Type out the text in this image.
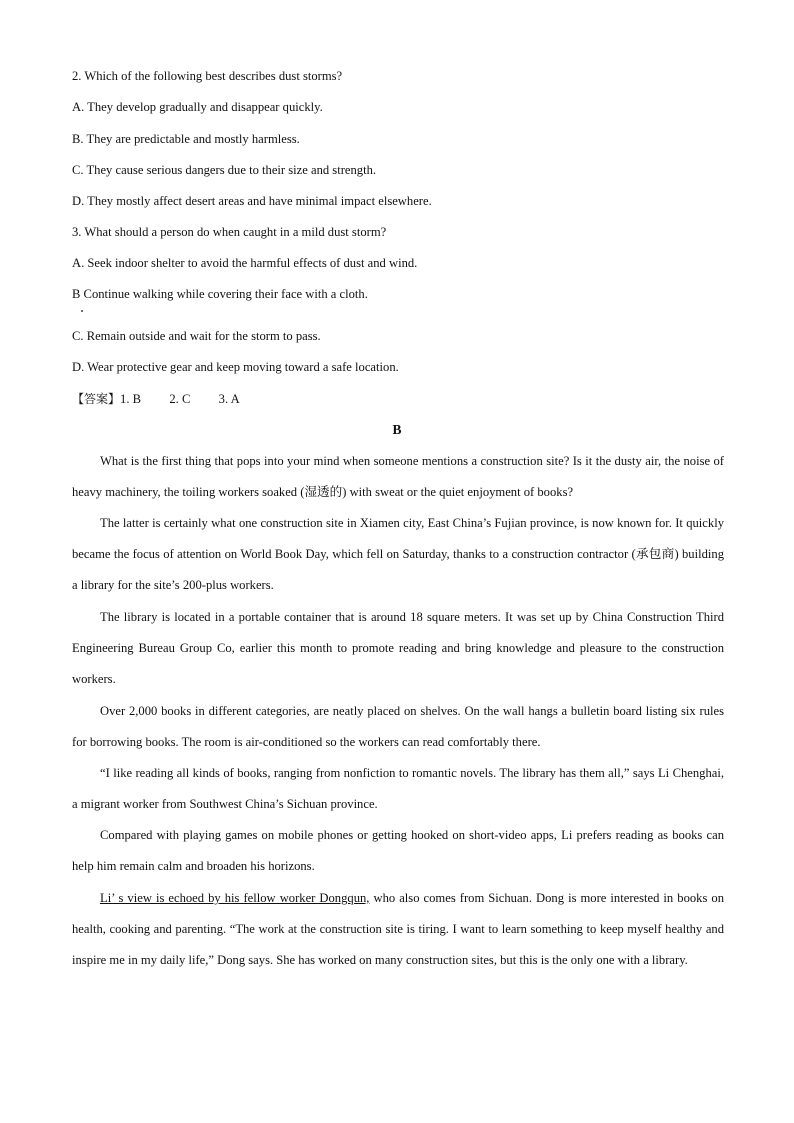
2. Which of the following best describes dust storms?
A. They develop gradually and disappear quickly.
B. They are predictable and mostly harmless.
C. They cause serious dangers due to their size and strength.
D. They mostly affect desert areas and have minimal impact elsewhere.
3. What should a person do when caught in a mild dust storm?
A. Seek indoor shelter to avoid the harmful effects of dust and wind.
B Continue walking while covering their face with a cloth.
C. Remain outside and wait for the storm to pass.
D. Wear protective gear and keep moving toward a safe location.
【答案】1. B         2. C         3. A
B
What is the first thing that pops into your mind when someone mentions a construction site? Is it the dusty air, the noise of heavy machinery, the toiling workers soaked (湿透的) with sweat or the quiet enjoyment of books?
The latter is certainly what one construction site in Xiamen city, East China’s Fujian province, is now known for. It quickly became the focus of attention on World Book Day, which fell on Saturday, thanks to a construction contractor (承包商) building a library for the site’s 200-plus workers.
The library is located in a portable container that is around 18 square meters. It was set up by China Construction Third Engineering Bureau Group Co, earlier this month to promote reading and bring knowledge and pleasure to the construction workers.
Over 2,000 books in different categories, are neatly placed on shelves. On the wall hangs a bulletin board listing six rules for borrowing books. The room is air-conditioned so the workers can read comfortably there.
“I like reading all kinds of books, ranging from nonfiction to romantic novels. The library has them all,” says Li Chenghai, a migrant worker from Southwest China’s Sichuan province.
Compared with playing games on mobile phones or getting hooked on short-video apps, Li prefers reading as books can help him remain calm and broaden his horizons.
Li’ s view is echoed by his fellow worker Dongqun, who also comes from Sichuan. Dong is more interested in books on health, cooking and parenting. “The work at the construction site is tiring. I want to learn something to keep myself healthy and inspire me in my daily life,” Dong says. She has worked on many construction sites, but this is the only one with a library.
